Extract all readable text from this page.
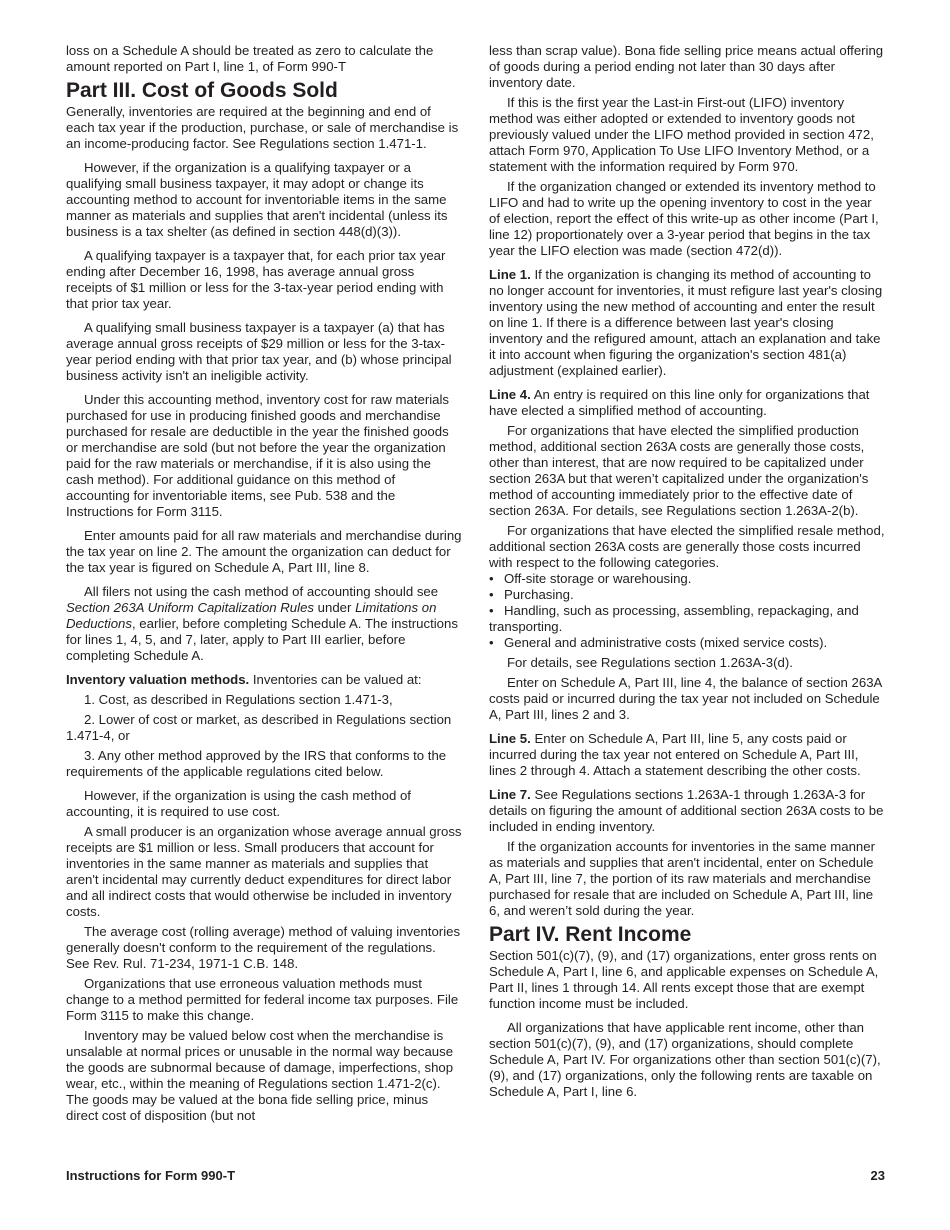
loss on a Schedule A should be treated as zero to calculate the amount reported on Part I, line 1, of Form 990-T

Part III. Cost of Goods Sold

Generally, inventories are required at the beginning and end of each tax year if the production, purchase, or sale of merchandise is an income-producing factor. See Regulations section 1.471-1.

However, if the organization is a qualifying taxpayer or a qualifying small business taxpayer, it may adopt or change its accounting method to account for inventoriable items in the same manner as materials and supplies that aren't incidental (unless its business is a tax shelter (as defined in section 448(d)(3)).

A qualifying taxpayer is a taxpayer that, for each prior tax year ending after December 16, 1998, has average annual gross receipts of $1 million or less for the 3-tax-year period ending with that prior tax year.

A qualifying small business taxpayer is a taxpayer (a) that has average annual gross receipts of $29 million or less for the 3-tax-year period ending with that prior tax year, and (b) whose principal business activity isn't an ineligible activity.

Under this accounting method, inventory cost for raw materials purchased for use in producing finished goods and merchandise purchased for resale are deductible in the year the finished goods or merchandise are sold (but not before the year the organization paid for the raw materials or merchandise, if it is also using the cash method). For additional guidance on this method of accounting for inventoriable items, see Pub. 538 and the Instructions for Form 3115.

Enter amounts paid for all raw materials and merchandise during the tax year on line 2. The amount the organization can deduct for the tax year is figured on Schedule A, Part III, line 8.

All filers not using the cash method of accounting should see Section 263A Uniform Capitalization Rules under Limitations on Deductions, earlier, before completing Schedule A. The instructions for lines 1, 4, 5, and 7, later, apply to Part III earlier, before completing Schedule A.

Inventory valuation methods. Inventories can be valued at:

1. Cost, as described in Regulations section 1.471-3,

2. Lower of cost or market, as described in Regulations section 1.471-4, or

3. Any other method approved by the IRS that conforms to the requirements of the applicable regulations cited below.

However, if the organization is using the cash method of accounting, it is required to use cost.

A small producer is an organization whose average annual gross receipts are $1 million or less. Small producers that account for inventories in the same manner as materials and supplies that aren't incidental may currently deduct expenditures for direct labor and all indirect costs that would otherwise be included in inventory costs.

The average cost (rolling average) method of valuing inventories generally doesn't conform to the requirement of the regulations. See Rev. Rul. 71-234, 1971-1 C.B. 148.

Organizations that use erroneous valuation methods must change to a method permitted for federal income tax purposes. File Form 3115 to make this change.

Inventory may be valued below cost when the merchandise is unsalable at normal prices or unusable in the normal way because the goods are subnormal because of damage, imperfections, shop wear, etc., within the meaning of Regulations section 1.471-2(c). The goods may be valued at the bona fide selling price, minus direct cost of disposition (but not

less than scrap value). Bona fide selling price means actual offering of goods during a period ending not later than 30 days after inventory date.

If this is the first year the Last-in First-out (LIFO) inventory method was either adopted or extended to inventory goods not previously valued under the LIFO method provided in section 472, attach Form 970, Application To Use LIFO Inventory Method, or a statement with the information required by Form 970.

If the organization changed or extended its inventory method to LIFO and had to write up the opening inventory to cost in the year of election, report the effect of this write-up as other income (Part I, line 12) proportionately over a 3-year period that begins in the tax year the LIFO election was made (section 472(d)).

Line 1. If the organization is changing its method of accounting to no longer account for inventories, it must refigure last year's closing inventory using the new method of accounting and enter the result on line 1. If there is a difference between last year's closing inventory and the refigured amount, attach an explanation and take it into account when figuring the organization's section 481(a) adjustment (explained earlier).

Line 4. An entry is required on this line only for organizations that have elected a simplified method of accounting.

For organizations that have elected the simplified production method, additional section 263A costs are generally those costs, other than interest, that are now required to be capitalized under section 263A but that weren’t capitalized under the organization's method of accounting immediately prior to the effective date of section 263A. For details, see Regulations section 1.263A-2(b).

For organizations that have elected the simplified resale method, additional section 263A costs are generally those costs incurred with respect to the following categories.

• Off-site storage or warehousing.

• Purchasing.

• Handling, such as processing, assembling, repackaging, and transporting.

• General and administrative costs (mixed service costs).

For details, see Regulations section 1.263A-3(d).

Enter on Schedule A, Part III, line 4, the balance of section 263A costs paid or incurred during the tax year not included on Schedule A, Part III, lines 2 and 3.

Line 5. Enter on Schedule A, Part III, line 5, any costs paid or incurred during the tax year not entered on Schedule A, Part III, lines 2 through 4. Attach a statement describing the other costs.

Line 7. See Regulations sections 1.263A-1 through 1.263A-3 for details on figuring the amount of additional section 263A costs to be included in ending inventory.

If the organization accounts for inventories in the same manner as materials and supplies that aren't incidental, enter on Schedule A, Part III, line 7, the portion of its raw materials and merchandise purchased for resale that are included on Schedule A, Part III, line 6, and weren’t sold during the year.

Part IV. Rent Income

Section 501(c)(7), (9), and (17) organizations, enter gross rents on Schedule A, Part I, line 6, and applicable expenses on Schedule A, Part II, lines 1 through 14. All rents except those that are exempt function income must be included.

All organizations that have applicable rent income, other than section 501(c)(7), (9), and (17) organizations, should complete Schedule A, Part IV. For organizations other than section 501(c)(7), (9), and (17) organizations, only the following rents are taxable on Schedule A, Part I, line 6.

Instructions for Form 990-T	23
